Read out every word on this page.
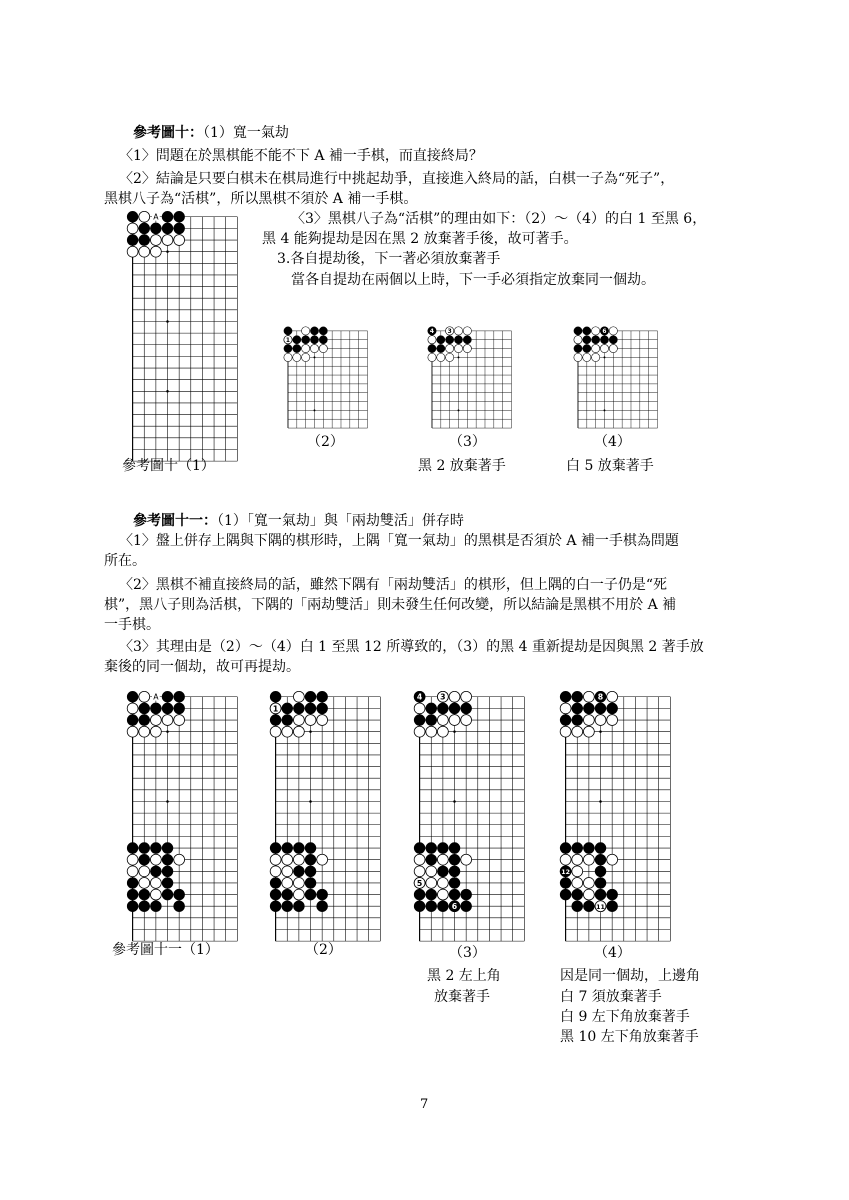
參考圖十：（1）寬一氣劫
〈1〉問題在於黑棋能不能不下 A 補一手棋，而直接終局？
〈2〉結論是只要白棋未在棋局進行中挑起劫爭，直接進入終局的話，白棋一子為“死子”，
黑棋八子為“活棋”，所以黑棋不須於 A 補一手棋。
〈3〉黑棋八子為“活棋”的理由如下：（2）～（4）的白 1 至黑 6，
黑 4 能夠提劫是因在黑 2 放棄著手後，故可著手。
3.各自提劫後，下一著必須放棄著手
當各自提劫在兩個以上時，下一手必須指定放棄同一個劫。
A
1
4 3	6
（2）	（3）	（4）
參考圖十（1）	黑 2 放棄著手	白 5 放棄著手
參考圖十一：（1）「寬一氣劫」與「兩劫雙活」併存時
〈1〉盤上併存上隅與下隅的棋形時，上隅「寬一氣劫」的黑棋是否須於 A 補一手棋為問題
所在。
〈2〉黑棋不補直接終局的話，雖然下隅有「兩劫雙活」的棋形，但上隅的白一子仍是“死
棋”，黑八子則為活棋，下隅的「兩劫雙活」則未發生任何改變，所以結論是黑棋不用於 A 補
一手棋。
〈3〉其理由是（2）～（4）白 1 至黑 12 所導致的，（3）的黑 4 重新提劫是因與黑 2 著手放
棄後的同一個劫，故可再提劫。
A
1
4 3
5
6
8
12
11
參考圖十一（1）	（2）	（3）	（4）
黑 2 左上角
放棄著手
因是同一個劫，上邊角
白 7 須放棄著手
白 9 左下角放棄著手
黑 10 左下角放棄著手
7
